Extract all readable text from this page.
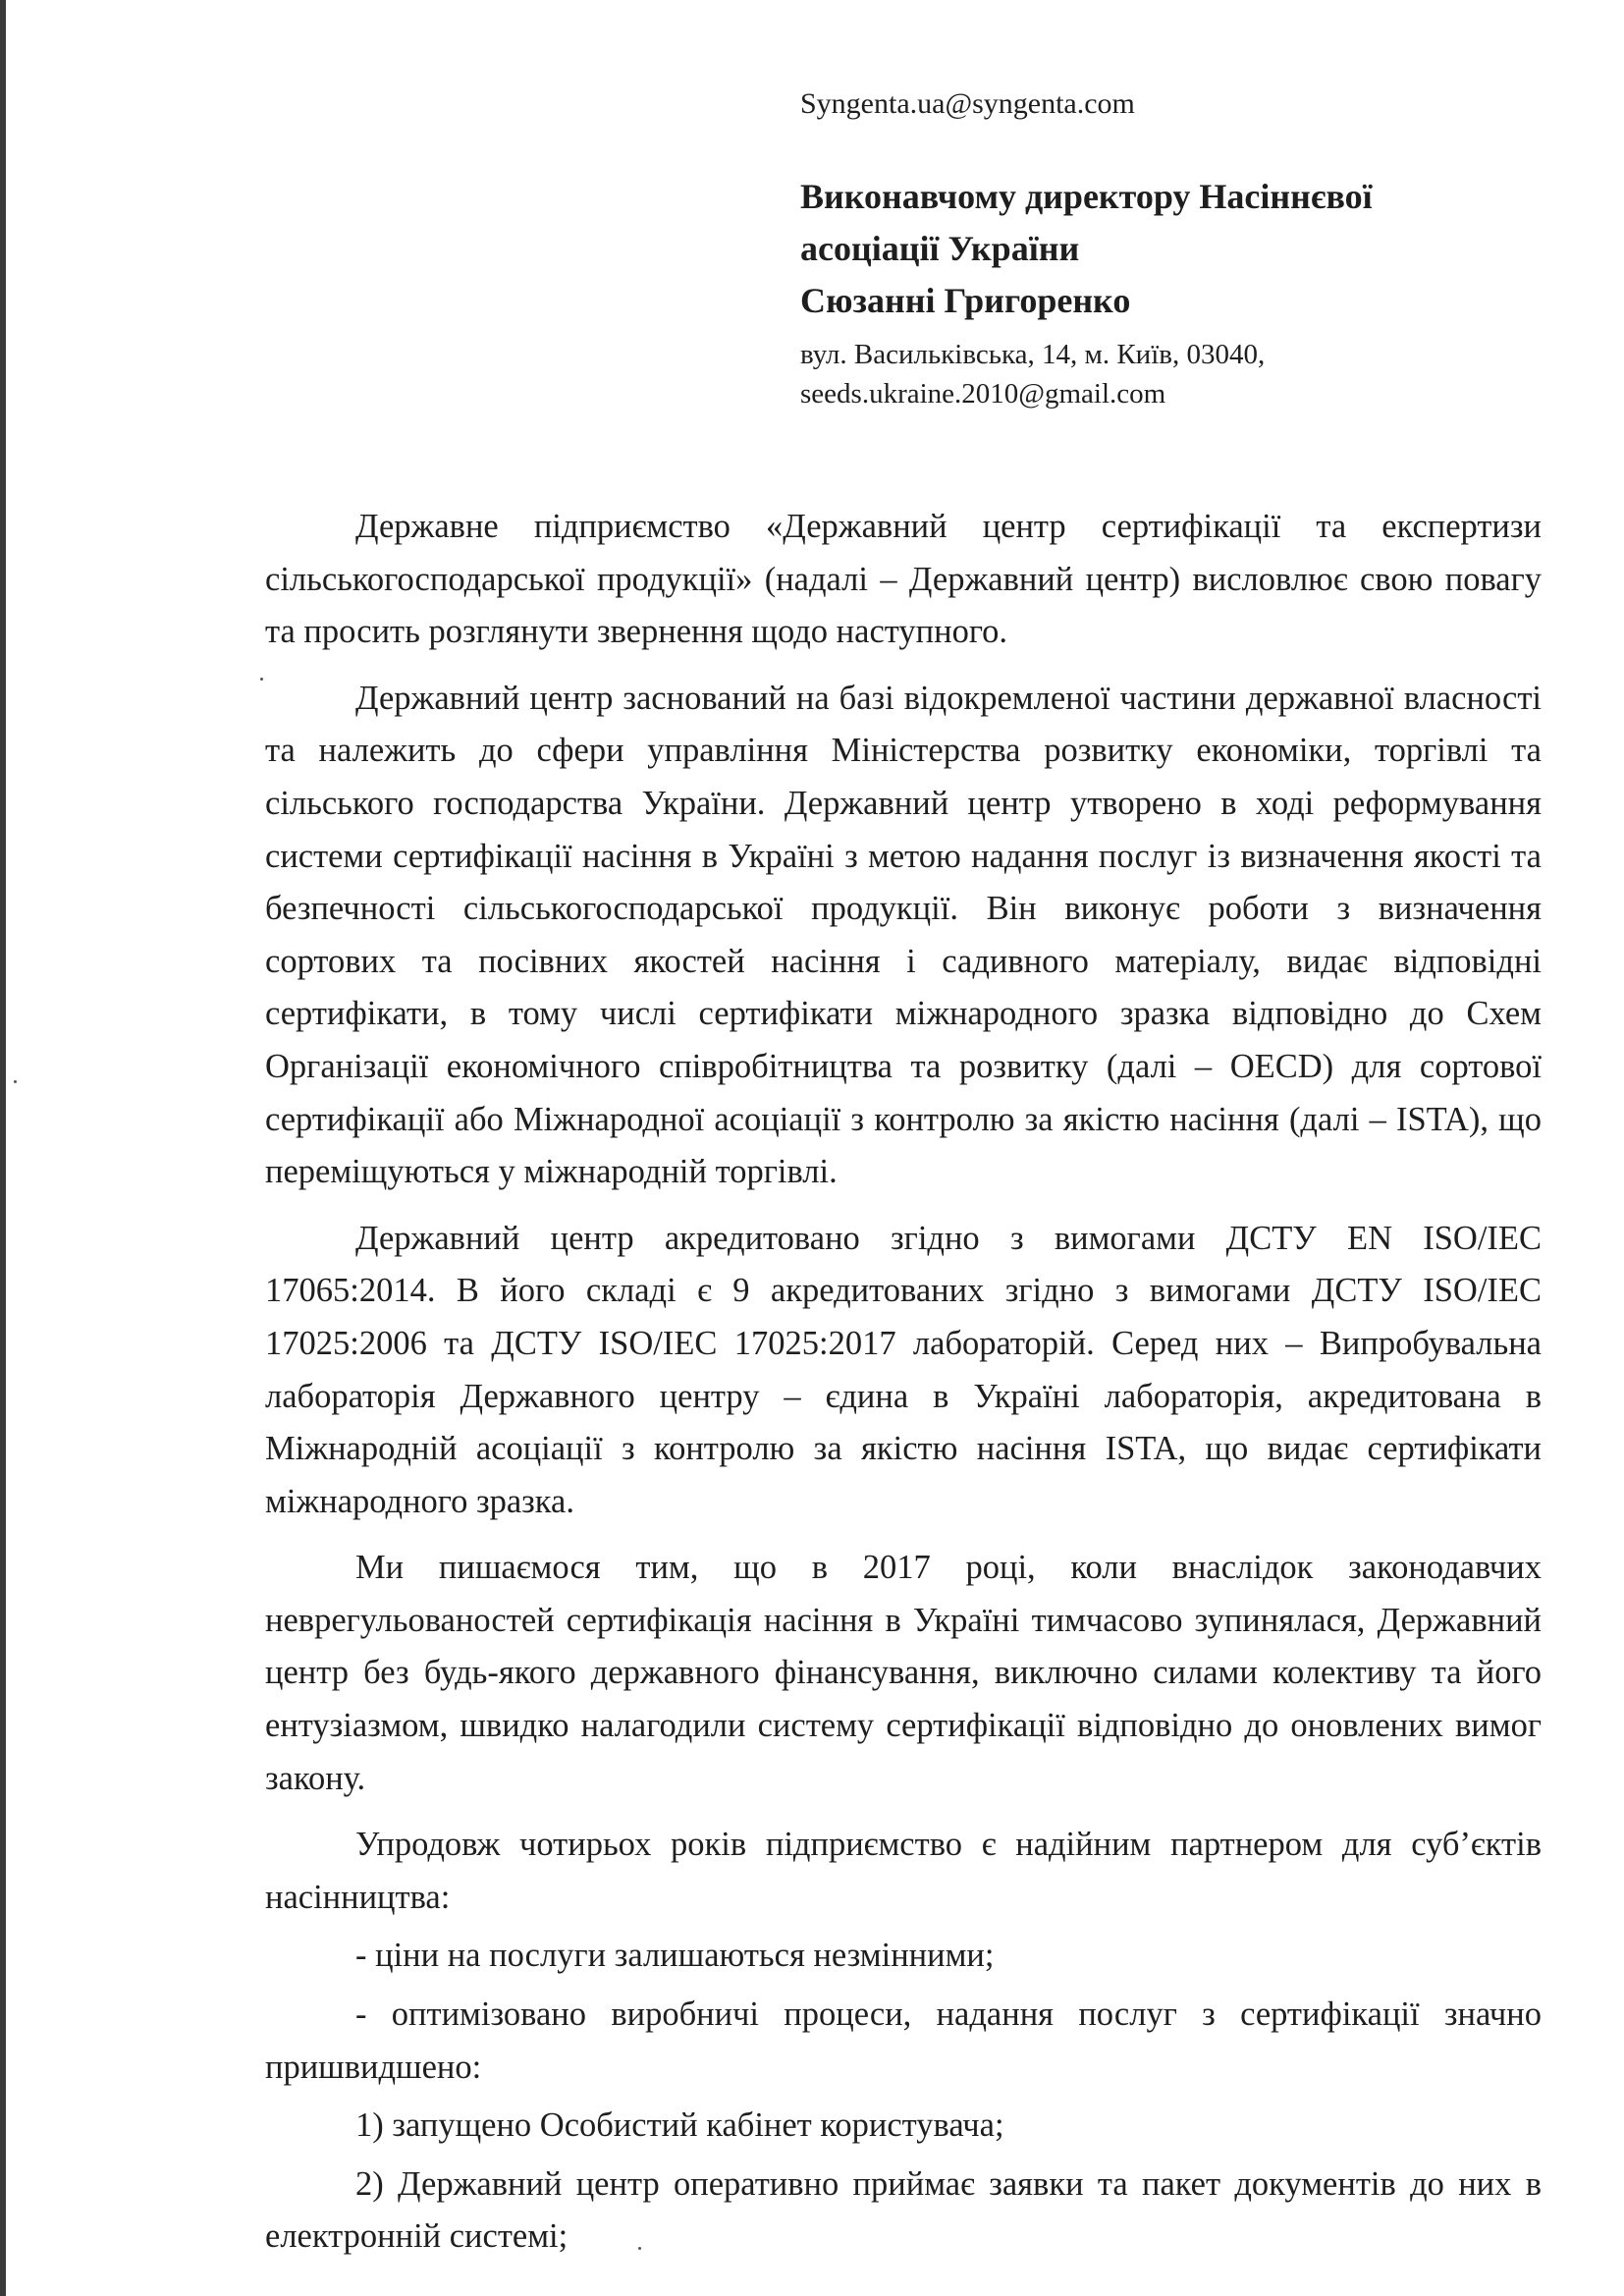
Syngenta.ua@syngenta.com

Виконавчому директору Насіннєвої

асоціації України

Сюзанні Григоренко

вул. Васильківська, 14, м. Київ, 03040,

seeds.ukraine.2010@gmail.com

Державне підприємство «Державний центр сертифікації та експертизи сільськогосподарської продукції» (надалі – Державний центр) висловлює свою повагу та просить розглянути звернення щодо наступного.

Державний центр заснований на базі відокремленої частини державної власності та належить до сфери управління Міністерства розвитку економіки, торгівлі та сільського господарства України. Державний центр утворено в ході реформування системи сертифікації насіння в Україні з метою надання послуг із визначення якості та безпечності сільськогосподарської продукції. Він виконує роботи з визначення сортових та посівних якостей насіння і садивного матеріалу, видає відповідні сертифікати, в тому числі сертифікати міжнародного зразка відповідно до Схем Організації економічного співробітництва та розвитку (далі – OECD) для сортової сертифікації або Міжнародної асоціації з контролю за якістю насіння (далі – ISTA), що переміщуються у міжнародній торгівлі.

Державний центр акредитовано згідно з вимогами ДСТУ EN ISO/IEC 17065:2014. В його складі є 9 акредитованих згідно з вимогами ДСТУ ISO/IEC 17025:2006 та ДСТУ ISO/IEC 17025:2017 лабораторій. Серед них – Випробувальна лабораторія Державного центру – єдина в Україні лабораторія, акредитована в Міжнародній асоціації з контролю за якістю насіння ISTA, що видає сертифікати міжнародного зразка.

Ми пишаємося тим, що в 2017 році, коли внаслідок законодавчих неврегульованостей сертифікація насіння в Україні тимчасово зупинялася, Державний центр без будь-якого державного фінансування, виключно силами колективу та його ентузіазмом, швидко налагодили систему сертифікації відповідно до оновлених вимог закону.

Упродовж чотирьох років підприємство є надійним партнером для суб’єктів насінництва:

- ціни на послуги залишаються незмінними;

- оптимізовано виробничі процеси, надання послуг з сертифікації значно пришвидшено:

1) запущено Особистий кабінет користувача;

2) Державний центр оперативно приймає заявки та пакет документів до них в електронній системі;
